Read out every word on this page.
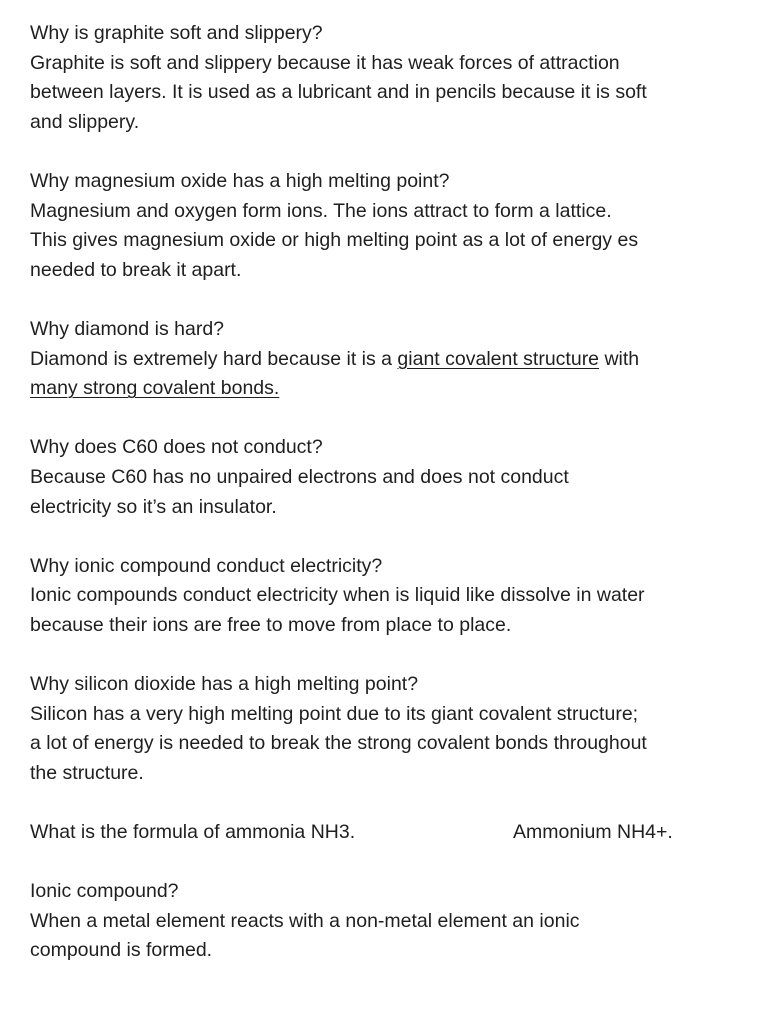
Why is graphite soft and slippery?
Graphite is soft and slippery because it has weak forces of attraction
between layers. It is used as a lubricant and in pencils because it is soft
and slippery.
Why magnesium oxide has a high melting point?
Magnesium and oxygen form ions. The ions attract to form a lattice.
This gives magnesium oxide or high melting point as a lot of energy es
needed to break it apart.
Why diamond is hard?
Diamond is extremely hard because it is a giant covalent structure with
many strong covalent bonds.
Why does C60 does not conduct?
Because C60 has no unpaired electrons and does not conduct
electricity so it’s an insulator.
Why ionic compound conduct electricity?
Ionic compounds conduct electricity when is liquid like dissolve in water
because their ions are free to move from place to place.
Why silicon dioxide has a high melting point?
Silicon has a very high melting point due to its giant covalent structure;
a lot of energy is needed to break the strong covalent bonds throughout
the structure.
What is the formula of ammonia NH3.	Ammonium NH4+.
Ionic compound?
When a metal element reacts with a non-metal element an ionic
compound is formed.
